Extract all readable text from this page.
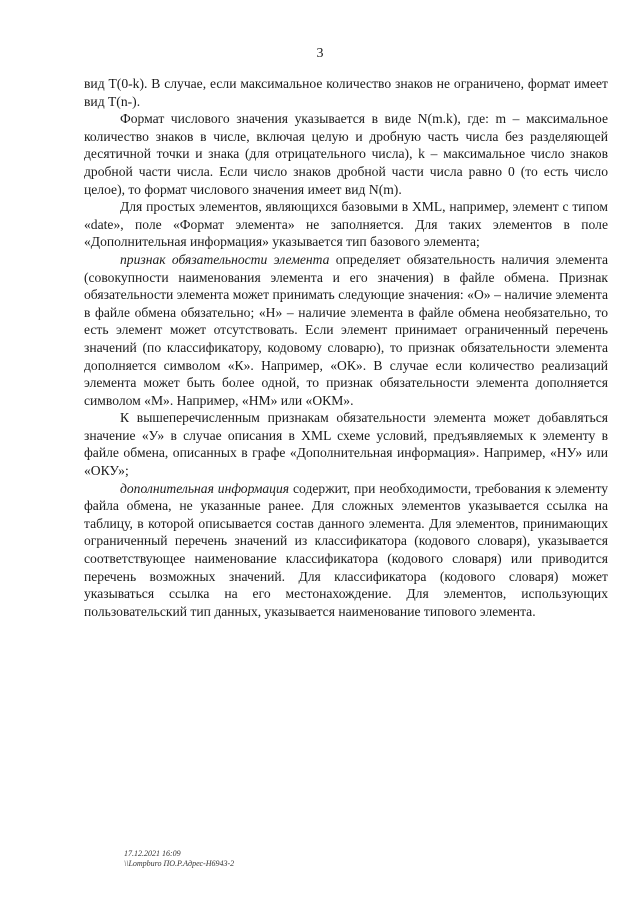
3

вид T(0-k). В случае, если максимальное количество знаков не ограничено, формат имеет вид T(n-).

Формат числового значения указывается в виде N(m.k), где: m – максимальное количество знаков в числе, включая целую и дробную часть числа без разделяющей десятичной точки и знака (для отрицательного числа), k – максимальное число знаков дробной части числа. Если число знаков дробной части числа равно 0 (то есть число целое), то формат числового значения имеет вид N(m).

Для простых элементов, являющихся базовыми в XML, например, элемент с типом «date», поле «Формат элемента» не заполняется. Для таких элементов в поле «Дополнительная информация» указывается тип базового элемента;

признак обязательности элемента определяет обязательность наличия элемента (совокупности наименования элемента и его значения) в файле обмена. Признак обязательности элемента может принимать следующие значения: «О» – наличие элемента в файле обмена обязательно; «Н» – наличие элемента в файле обмена необязательно, то есть элемент может отсутствовать. Если элемент принимает ограниченный перечень значений (по классификатору, кодовому словарю), то признак обязательности элемента дополняется символом «К». Например, «ОК». В случае если количество реализаций элемента может быть более одной, то признак обязательности элемента дополняется символом «М». Например, «НМ» или «ОКМ».

К вышеперечисленным признакам обязательности элемента может добавляться значение «У» в случае описания в XML схеме условий, предъявляемых к элементу в файле обмена, описанных в графе «Дополнительная информация». Например, «НУ» или «ОКУ»;

дополнительная информация содержит, при необходимости, требования к элементу файла обмена, не указанные ранее. Для сложных элементов указывается ссылка на таблицу, в которой описывается состав данного элемента. Для элементов, принимающих ограниченный перечень значений из классификатора (кодового словаря), указывается соответствующее наименование классификатора (кодового словаря) или приводится перечень возможных значений. Для классификатора (кодового словаря) может указываться ссылка на его местонахождение. Для элементов, использующих пользовательский тип данных, указывается наименование типового элемента.

17.12.2021 16:09
\\Lompburo ПО.Р.Адрес-Н6943-2
